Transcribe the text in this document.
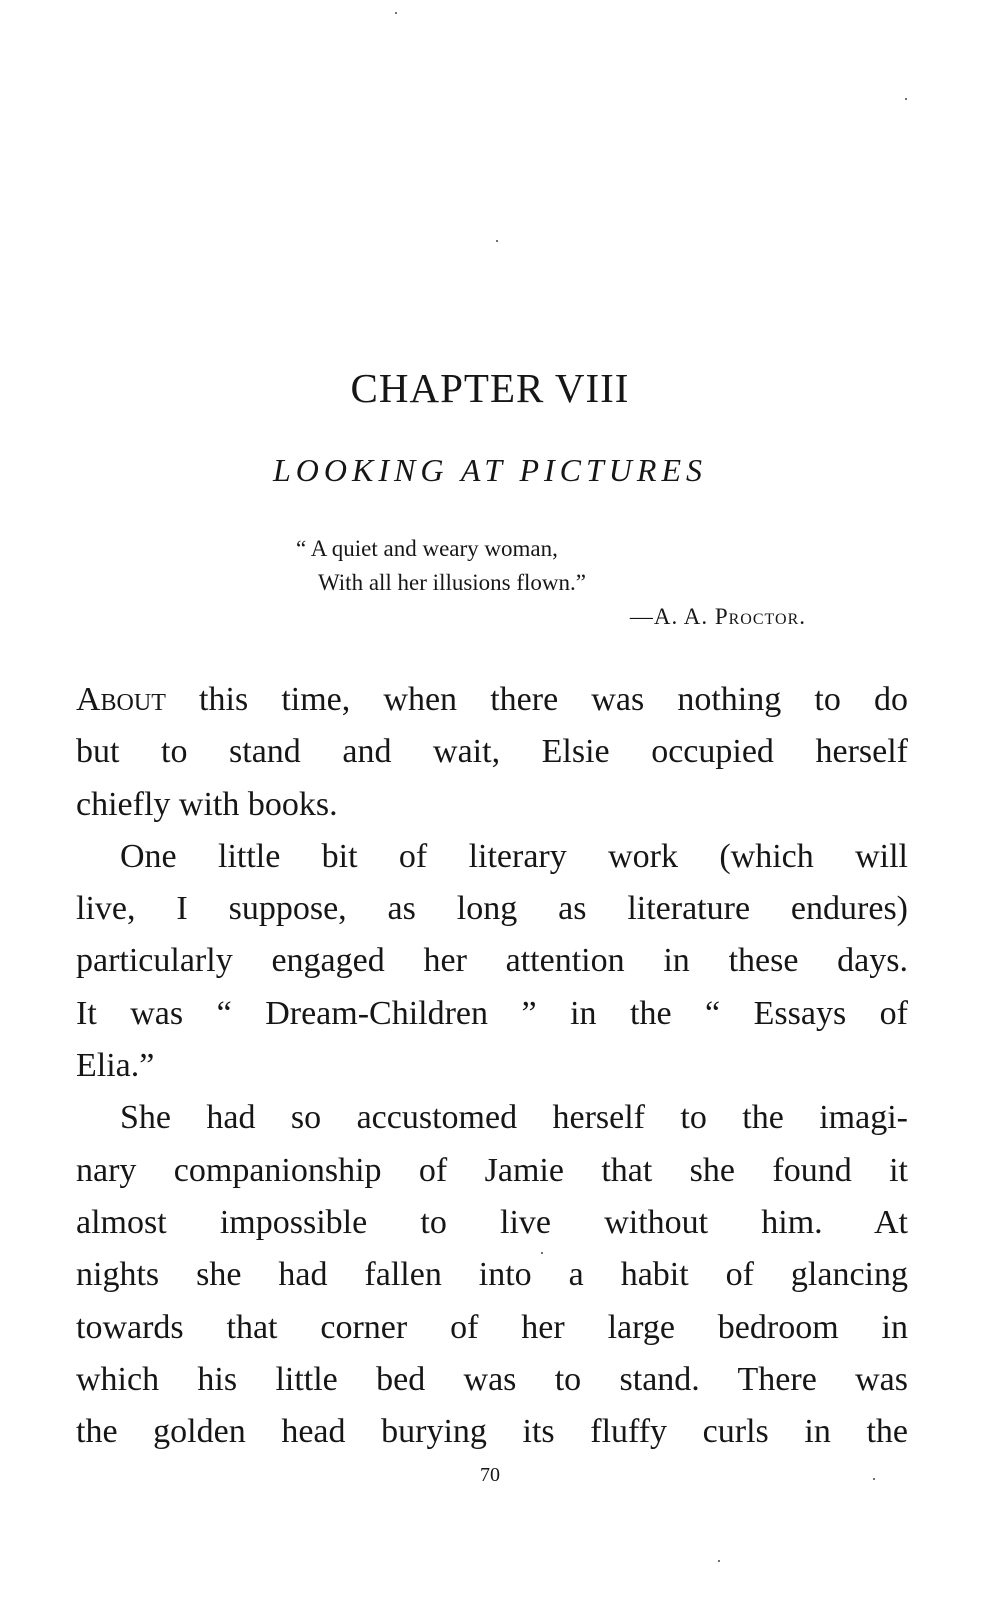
CHAPTER VIII
LOOKING AT PICTURES
“ A quiet and weary woman,
With all her illusions flown.”
—A. A. Proctor.

About this time, when there was nothing to do

but to stand and wait, Elsie occupied herself

chiefly with books.

One little bit of literary work (which will

live, I suppose, as long as literature endures)

particularly engaged her attention in these days.

It was “ Dream-Children ” in the “ Essays of

Elia.”

She had so accustomed herself to the imagi-

nary companionship of Jamie that she found it

almost impossible to live without him. At

nights she had fallen into a habit of glancing

towards that corner of her large bedroom in

which his little bed was to stand. There was

the golden head burying its fluffy curls in the

70
